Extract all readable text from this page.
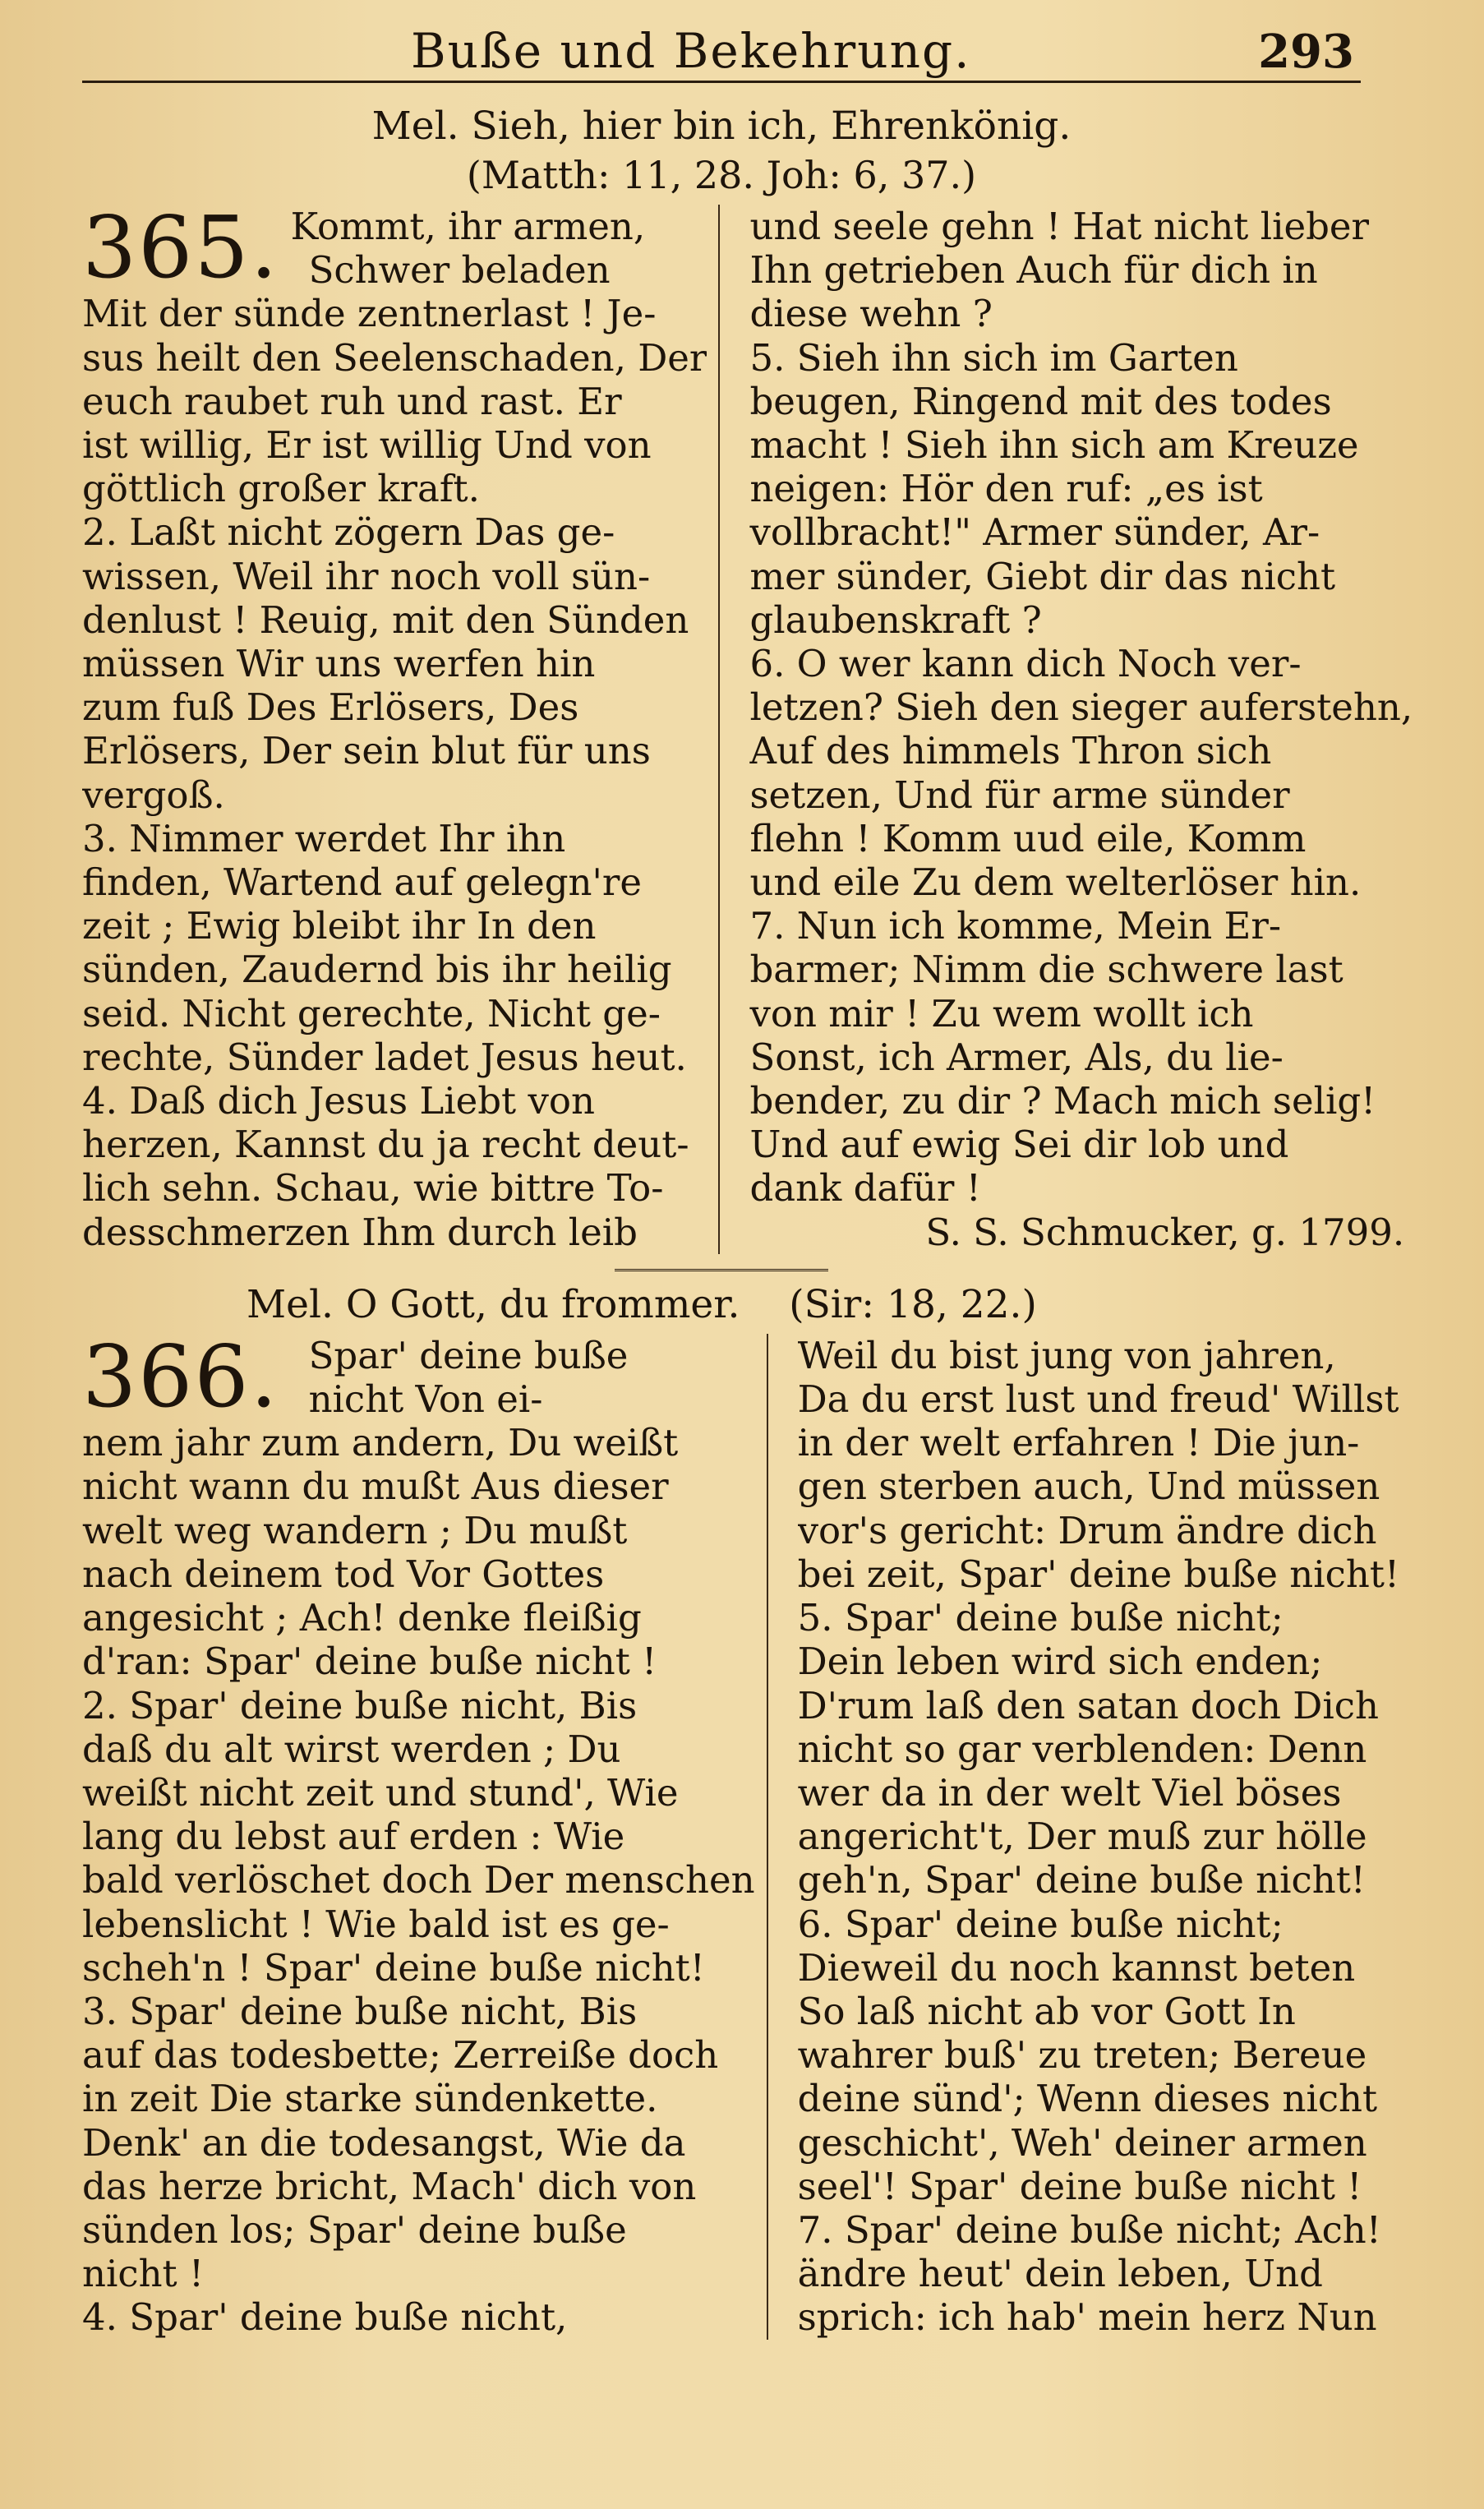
Buße und Bekehrung.	293
Mel. Sieh, hier bin ich, Ehrenkönig.
(Matth: 11, 28. Joh: 6, 37.)
365. Kommt, ihr armen,
Schwer beladen
Mit der sünde zentnerlast ! Je-
sus heilt den Seelenschaden, Der
euch raubet ruh und rast. Er
ist willig, Er ist willig Und von
göttlich großer kraft.
2. Laßt nicht zögern Das ge-
wissen, Weil ihr noch voll sün-
denlust ! Reuig, mit den Sünden
müssen Wir uns werfen hin
zum fuß Des Erlösers, Des
Erlösers, Der sein blut für uns
vergoß.
3. Nimmer werdet Ihr ihn
finden, Wartend auf gelegn're
zeit ; Ewig bleibt ihr In den
sünden, Zaudernd bis ihr heilig
seid. Nicht gerechte, Nicht ge-
rechte, Sünder ladet Jesus heut.
4. Daß dich Jesus Liebt von
herzen, Kannst du ja recht deut-
lich sehn. Schau, wie bittre To-
desschmerzen Ihm durch leib
und seele gehn ! Hat nicht lieber
Ihn getrieben Auch für dich in
diese wehn ?
5. Sieh ihn sich im Garten
beugen, Ringend mit des todes
macht ! Sieh ihn sich am Kreuze
neigen: Hör den ruf: „es ist
vollbracht!" Armer sünder, Ar-
mer sünder, Giebt dir das nicht
glaubenskraft ?
6. O wer kann dich Noch ver-
letzen? Sieh den sieger auferstehn,
Auf des himmels Thron sich
setzen, Und für arme sünder
flehn ! Komm uud eile, Komm
und eile Zu dem welterlöser hin.
7. Nun ich komme, Mein Er-
barmer; Nimm die schwere last
von mir ! Zu wem wollt ich
Sonst, ich Armer, Als, du lie-
bender, zu dir ? Mach mich selig!
Und auf ewig Sei dir lob und
dank dafür !
S. S. Schmucker, g. 1799.
Mel. O Gott, du frommer. (Sir: 18, 22.)
366. Spar' deine buße
nicht Von ei-
nem jahr zum andern, Du weißt
nicht wann du mußt Aus dieser
welt weg wandern ; Du mußt
nach deinem tod Vor Gottes
angesicht ; Ach! denke fleißig
d'ran: Spar' deine buße nicht !
2. Spar' deine buße nicht, Bis
daß du alt wirst werden ; Du
weißt nicht zeit und stund', Wie
lang du lebst auf erden : Wie
bald verlöschet doch Der menschen
lebenslicht ! Wie bald ist es ge-
scheh'n ! Spar' deine buße nicht!
3. Spar' deine buße nicht, Bis
auf das todesbette; Zerreiße doch
in zeit Die starke sündenkette.
Denk' an die todesangst, Wie da
das herze bricht, Mach' dich von
sünden los; Spar' deine buße
nicht !
4. Spar' deine buße nicht,
Weil du bist jung von jahren,
Da du erst lust und freud' Willst
in der welt erfahren ! Die jun-
gen sterben auch, Und müssen
vor's gericht: Drum ändre dich
bei zeit, Spar' deine buße nicht!
5. Spar' deine buße nicht;
Dein leben wird sich enden;
D'rum laß den satan doch Dich
nicht so gar verblenden: Denn
wer da in der welt Viel böses
angericht't, Der muß zur hölle
geh'n, Spar' deine buße nicht!
6. Spar' deine buße nicht;
Dieweil du noch kannst beten
So laß nicht ab vor Gott In
wahrer buß' zu treten; Bereue
deine sünd'; Wenn dieses nicht
geschicht', Weh' deiner armen
seel'! Spar' deine buße nicht !
7. Spar' deine buße nicht; Ach!
ändre heut' dein leben, Und
sprich: ich hab' mein herz Nun
